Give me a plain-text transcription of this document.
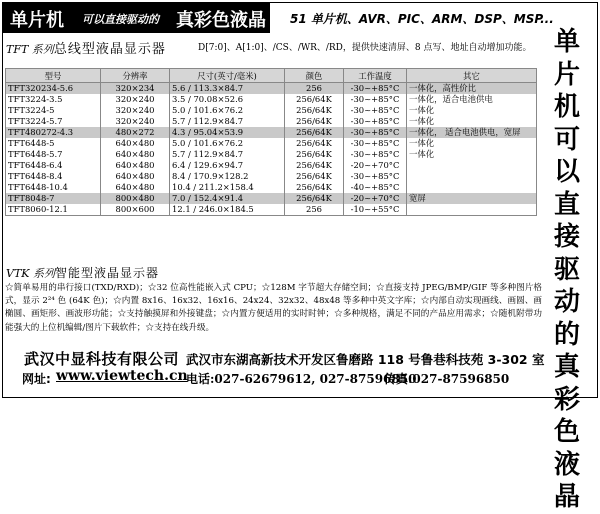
单片机 可以直接驱动的 真彩色液晶 51 单片机、AVR、PIC、ARM、DSP、MSP...
单片机可以直接驱动的真彩色液晶
TFT 系列总线型液晶显示器	D[7:0]、A[1:0]、/CS、/WR、/RD，提供快速清屏、8 点写、地址自动增加功能。
型号	分辨率	尺寸(英寸/毫米)	颜色	工作温度	其它
TFT320234-5.6	320×234	5.6 / 113.3×84.7	256	-30~+85°C	一体化，高性价比
TFT3224-3.5	320×240	3.5 / 70.08×52.6	256/64K	-30~+85°C	一体化，适合电池供电
TFT3224-5	320×240	5.0 / 101.6×76.2	256/64K	-30~+85°C	一体化
TFT3224-5.7	320×240	5.7 / 112.9×84.7	256/64K	-30~+85°C	一体化
TFT480272-4.3	480×272	4.3 / 95.04×53.9	256/64K	-30~+85°C	一体化， 适合电池供电，宽屏
TFT6448-5	640×480	5.0 / 101.6×76.2	256/64K	-30~+85°C	一体化
TFT6448-5.7	640×480	5.7 / 112.9×84.7	256/64K	-30~+85°C	一体化
TFT6448-6.4	640×480	6.4 / 129.6×94.7	256/64K	-20~+70°C	
TFT6448-8.4	640×480	8.4 / 170.9×128.2	256/64K	-30~+85°C	
TFT6448-10.4	640×480	10.4 / 211.2×158.4	256/64K	-40~+85°C	
TFT8048-7	800×480	7.0 / 152.4×91.4	256/64K	-20~+70°C	宽屏
TFT8060-12.1	800×600	12.1 / 246.0×184.5	256	-10~+55°C	
VTK 系列智能型液晶显示器
☆简单易用的串行接口(TXD/RXD)；☆32 位高性能嵌入式 CPU；☆128M 字节超大存储空间；☆直接支持 JPEG/BMP/GIF 等多种图片格式，显示 2²⁴ 色 (64K 色)；☆内置 8x16、16x32、16x16、24x24、32x32、48x48 等多种中英文字库；☆内部自动实现画线、画圆、画椭圆、画矩形、画波形功能；☆支持触摸屏和外接键盘；☆内置方便适用的实时时钟；☆多种规格，满足不同的产品应用需求；☆随机附带功能强大的上位机编辑/图片下载软件；☆支持在线升级。
武汉中显科技有限公司 武汉市东湖高新技术开发区鲁磨路 118 号鲁巷科技苑 3-302 室
网址: www.viewtech.cn
电话:027-62679612, 027-87596850
传真:027-87596850
